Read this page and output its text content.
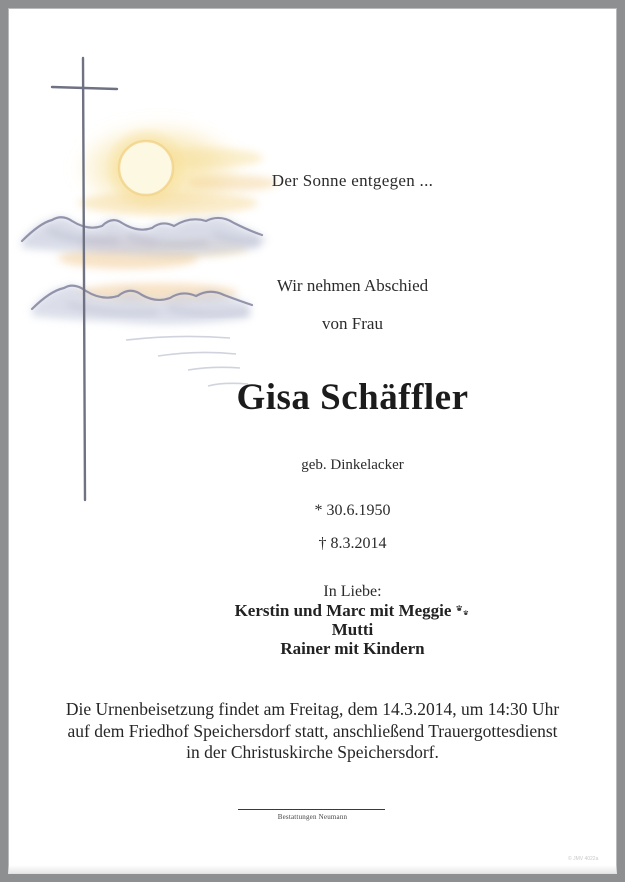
Der Sonne entgegen ...
Wir nehmen Abschied
von Frau
Gisa Schäffler
geb. Dinkelacker
* 30.6.1950
† 8.3.2014
In Liebe:
Kerstin und Marc mit Meggie
Mutti
Rainer mit Kindern
Die Urnenbeisetzung findet am Freitag, dem 14.3.2014, um 14:30 Uhr
auf dem Friedhof Speichersdorf statt, anschließend Trauergottesdienst
in der Christuskirche Speichersdorf.
Bestattungen Neumann
© JMV 4022a
